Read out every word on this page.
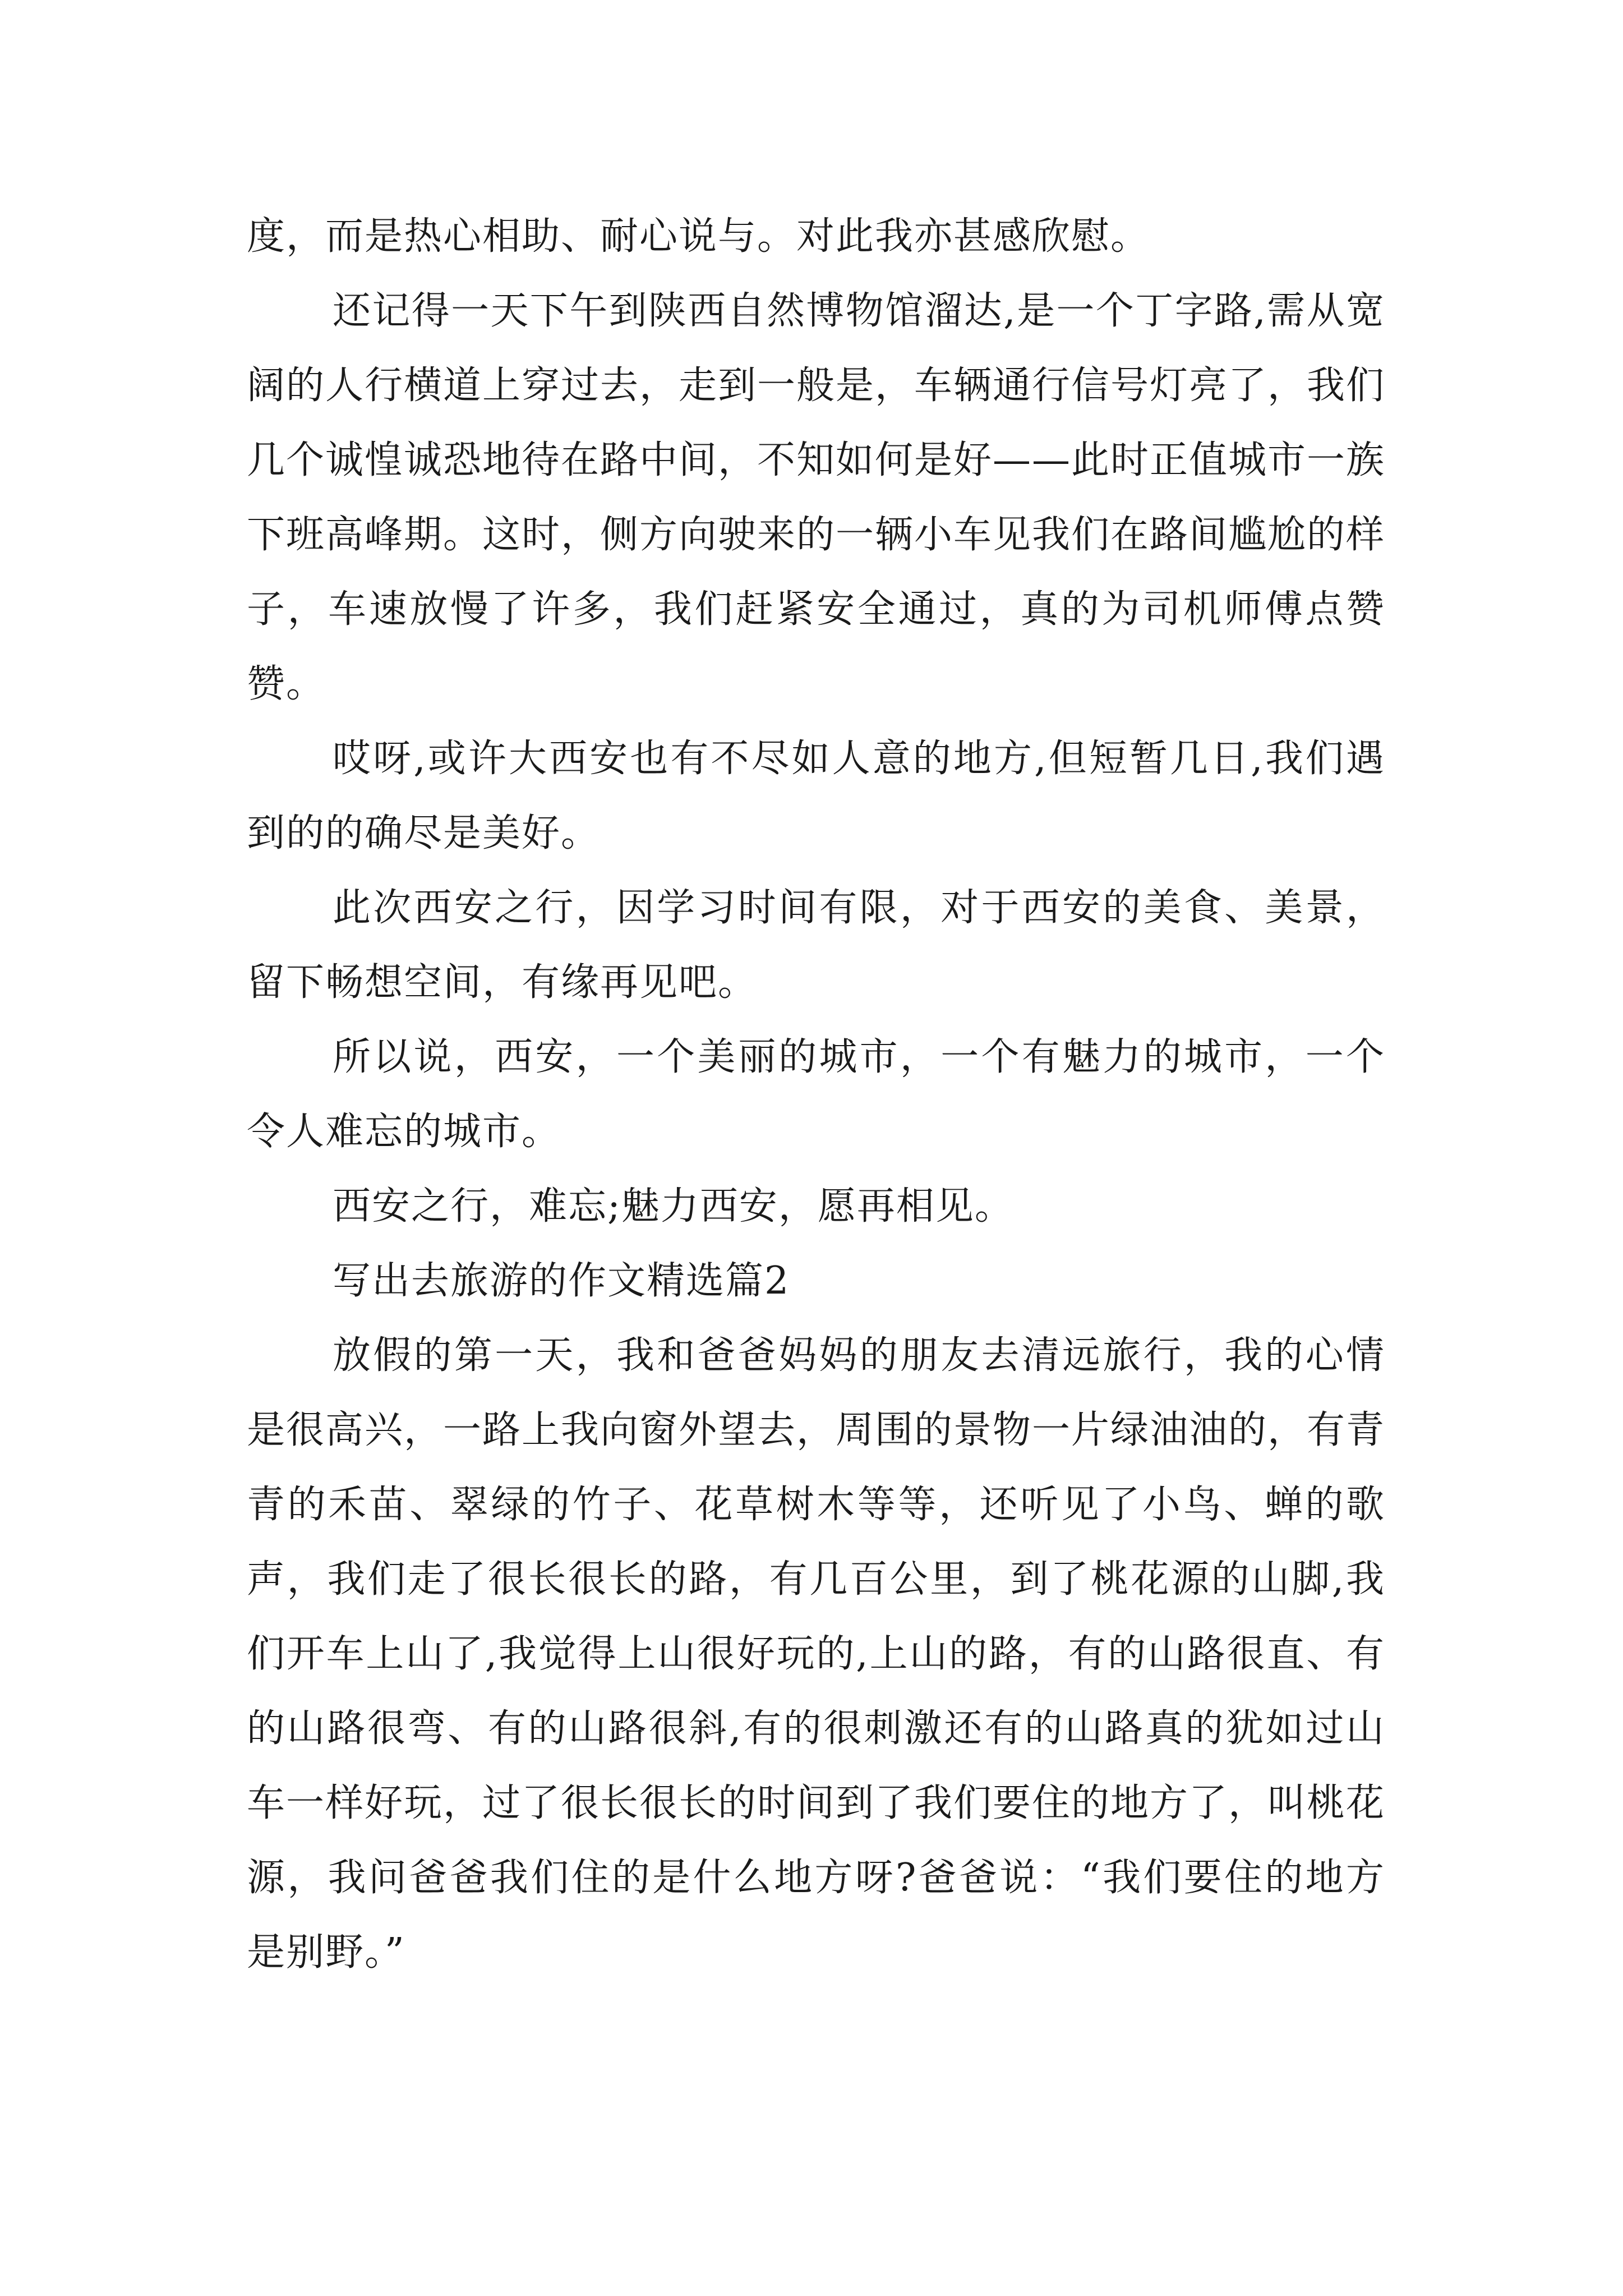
度，而是热心相助、耐心说与。对此我亦甚感欣慰。

还记得一天下午到陕西自然博物馆溜达,是一个丁字路,需从宽阔的人行横道上穿过去，走到一般是，车辆通行信号灯亮了，我们几个诚惶诚恐地待在路中间，不知如何是好——此时正值城市一族下班高峰期。这时，侧方向驶来的一辆小车见我们在路间尴尬的样子，车速放慢了许多，我们赶紧安全通过，真的为司机师傅点赞赞。

哎呀,或许大西安也有不尽如人意的地方,但短暂几日,我们遇到的的确尽是美好。

此次西安之行，因学习时间有限，对于西安的美食、美景，留下畅想空间，有缘再见吧。

所以说，西安，一个美丽的城市，一个有魅力的城市，一个令人难忘的城市。

西安之行，难忘;魅力西安，愿再相见。

写出去旅游的作文精选篇2

放假的第一天，我和爸爸妈妈的朋友去清远旅行，我的心情是很高兴，一路上我向窗外望去，周围的景物一片绿油油的，有青青的禾苗、翠绿的竹子、花草树木等等，还听见了小鸟、蝉的歌声，我们走了很长很长的路，有几百公里，到了桃花源的山脚,我们开车上山了,我觉得上山很好玩的,上山的路，有的山路很直、有的山路很弯、有的山路很斜,有的很刺激还有的山路真的犹如过山车一样好玩，过了很长很长的时间到了我们要住的地方了，叫桃花源，我问爸爸我们住的是什么地方呀?爸爸说：“我们要住的地方是别野。”
